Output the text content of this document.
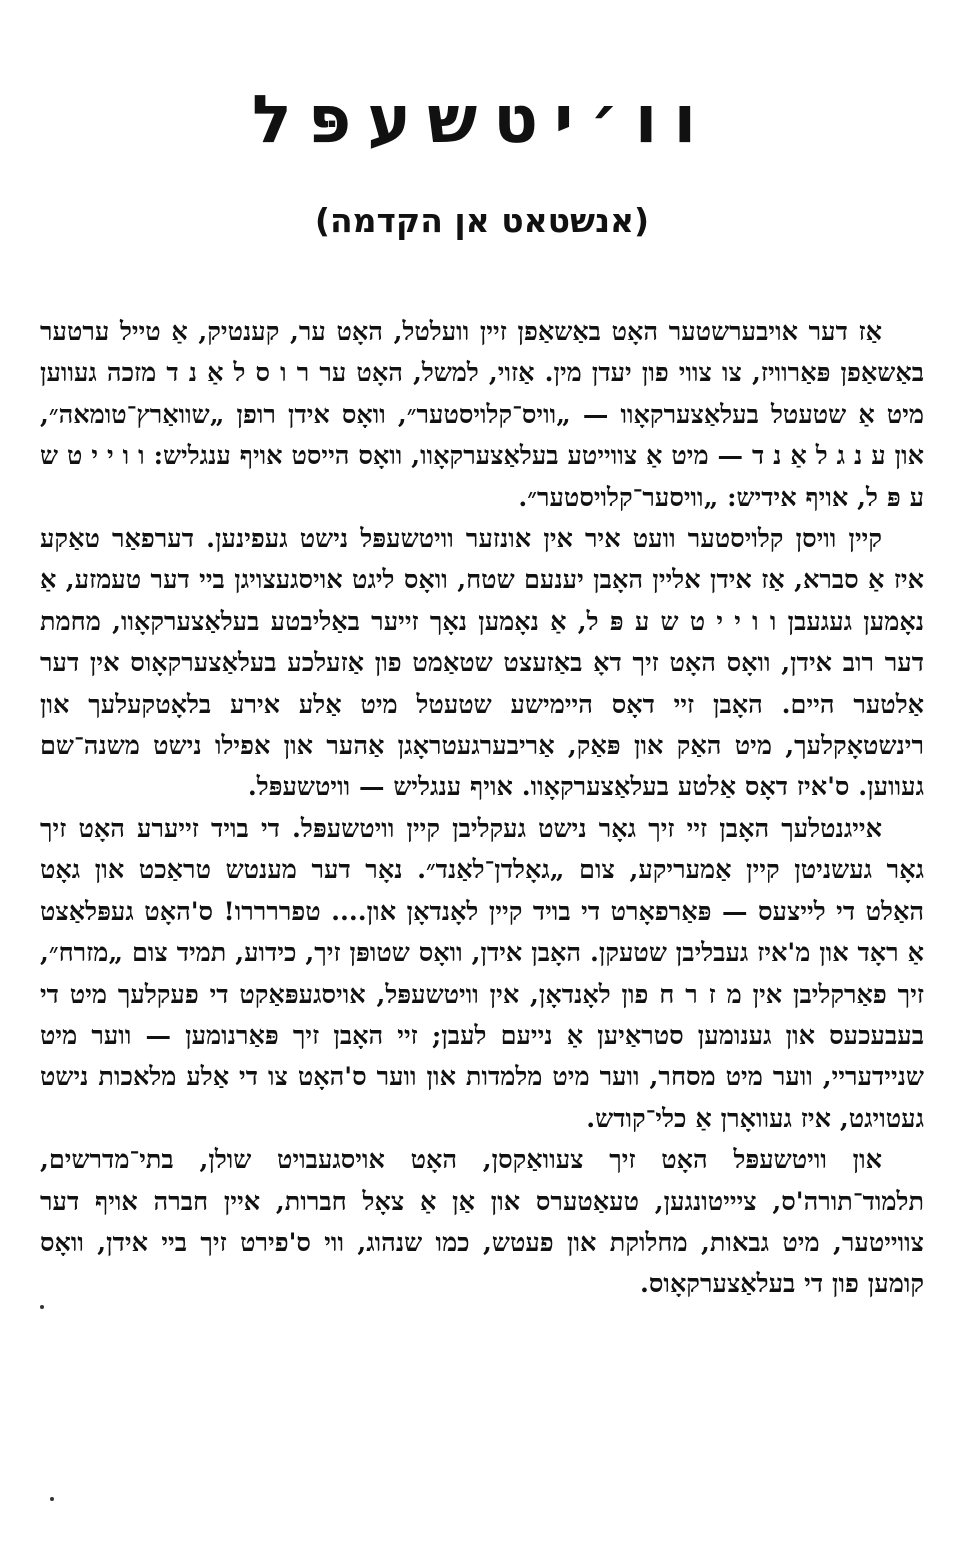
וו׳יטשעפּל
(אנשטאט אן הקדמה)

אַז דער אויבערשטער האָט באַשאַפן זיין וועלטל, האָט ער, קענטיק, אַ טייל ערטער באַשאַפן פּאַרוויז, צו צווי פון יעדן מין. אַזוי, למשל, האָט ער ר ו ס ל אַ נ ד מזכה געווען מיט אַ שטעטל בעלאַצערקאָוו — „וויס־קלויסטער״, וואָס אידן רופן „שוואַרץ־טומאה״, און ע נ ג ל אַ נ ד — מיט אַ צווייטע בעלאַצערקאָוו, וואָס הייסט אויף ענגליש: ו ו י י ט ש ע פּ ל, אויף אידיש: „וויסער־קלויסטער״.

קיין וויסן קלויסטער וועט איר אין אונזער וויטשעפּל נישט געפינען. דערפאַר טאַקע איז אַ סברא, אַז אידן אליין האָבן יענעם שטח, וואָס ליגט אויסגעצויגן ביי דער טעמזע, אַ נאָמען געגעבן ו ו י י ט ש ע פּ ל, אַ נאָמען נאָך זייער באַליבטע בעלאַצערקאָוו, מחמת דער רוב אידן, וואָס האָט זיך דאָ באַזעצט שטאַמט פון אַזעלכע בעלאַצערקאָוס אין דער אַלטער היים. האָבן זיי דאָס היימישע שטעטל מיט אַלע אירע בלאָטקעלעך און רינשטאָקלעך, מיט האַק און פּאַק, אַריבערגעטראָגן אַהער און אפילו נישט משנה־שם געווען. ס'איז דאָס אַלטע בעלאַצערקאָוו. אויף ענגליש — וויטשעפּל.

אייגנטלעך האָבן זיי זיך גאָר נישט געקליבן קיין וויטשעפּל. די בויד זייערע האָט זיך גאָר געשניטן קיין אַמעריקע, צום „גאָלדן־לאַנד״. נאָר דער מענטש טראַכט און גאָט האַלט די לייצעס — פּאַרפאָרט די בויד קיין לאָנדאָן און.... טפררררו! ס'האָט געפּלאַצט אַ ראָד און מ'איז געבליבן שטעקן. האָבן אידן, וואָס שטופּן זיך, כידוע, תמיד צום „מזרח״, זיך פאַרקליבן אין מ ז ר ח פון לאָנדאָן, אין וויטשעפּל, אויסגעפּאַקט די פעקלעך מיט די בעבעכעס און גענומען סטראַיען אַ נייעם לעבן; זיי האָבן זיך פּאַרנומען — ווער מיט שניידעריי, ווער מיט מסחר, ווער מיט מלמדות און ווער ס'האָט צו די אַלע מלאכות נישט געטויגט, איז געוואָרן אַ כלי־קודש.

און וויטשעפּל האָט זיך צעוואַקסן, האָט אויסגעבויט שולן, בתי־מדרשים, תלמוד־תורה'ס, ציייטונגען, טעאַטערס און אַן אַ צאָל חברות, איין חברה אויף דער צווייטער, מיט גבאות, מחלוקת און פעטש, כמו שנהוג, ווי ס'פירט זיך ביי אידן, וואָס קומען פון די בעלאַצערקאָוס.
